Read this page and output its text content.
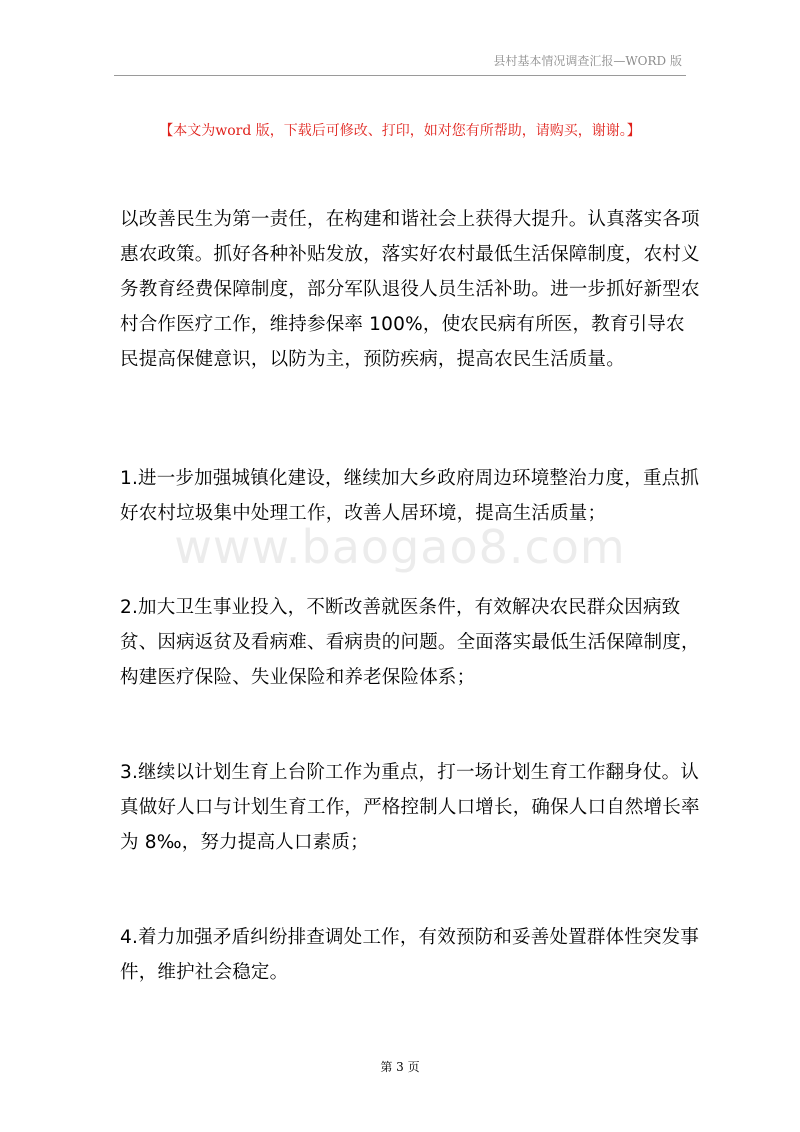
县村基本情况调查汇报—WORD 版
【本文为word 版，下载后可修改、打印，如对您有所帮助，请购买，谢谢。】
www.baogao8.com

以改善民生为第一责任，在构建和谐社会上获得大提升。认真落实各项惠农政策。抓好各种补贴发放，落实好农村最低生活保障制度，农村义务教育经费保障制度，部分军队退役人员生活补助。进一步抓好新型农村合作医疗工作，维持参保率 100%，使农民病有所医，教育引导农民提高保健意识，以防为主，预防疾病，提高农民生活质量。

1.进一步加强城镇化建设，继续加大乡政府周边环境整治力度，重点抓好农村垃圾集中处理工作，改善人居环境，提高生活质量；

2.加大卫生事业投入，不断改善就医条件，有效解决农民群众因病致贫、因病返贫及看病难、看病贵的问题。全面落实最低生活保障制度，构建医疗保险、失业保险和养老保险体系；

3.继续以计划生育上台阶工作为重点，打一场计划生育工作翻身仗。认真做好人口与计划生育工作，严格控制人口增长，确保人口自然增长率为 8‰，努力提高人口素质；

4.着力加强矛盾纠纷排查调处工作，有效预防和妥善处置群体性突发事件，维护社会稳定。

第 3 页
